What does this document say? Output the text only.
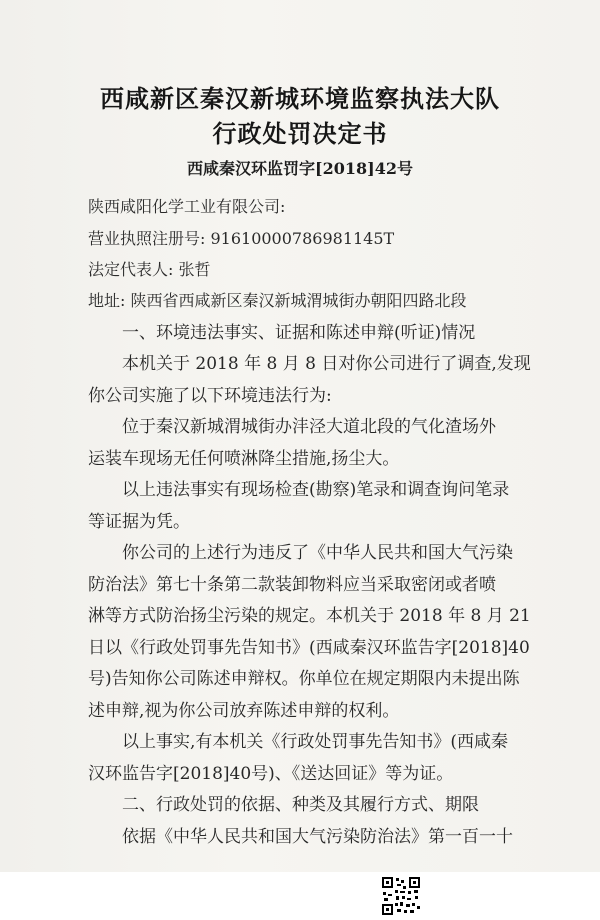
西咸新区秦汉新城环境监察执法大队
行政处罚决定书
西咸秦汉环监罚字[2018]42号
陕西咸阳化学工业有限公司:
营业执照注册号: 91610000786981145T
法定代表人: 张哲
地址: 陕西省西咸新区秦汉新城渭城街办朝阳四路北段
一、环境违法事实、证据和陈述申辩(听证)情况
本机关于 2018 年 8 月 8 日对你公司进行了调查,发现
你公司实施了以下环境违法行为:
位于秦汉新城渭城街办沣泾大道北段的气化渣场外
运装车现场无任何喷淋降尘措施,扬尘大。
以上违法事实有现场检查(勘察)笔录和调查询问笔录
等证据为凭。
你公司的上述行为违反了《中华人民共和国大气污染
防治法》第七十条第二款装卸物料应当采取密闭或者喷
淋等方式防治扬尘污染的规定。本机关于 2018 年 8 月 21
日以《行政处罚事先告知书》(西咸秦汉环监告字[2018]40
号)告知你公司陈述申辩权。你单位在规定期限内未提出陈
述申辩,视为你公司放弃陈述申辩的权利。
以上事实,有本机关《行政处罚事先告知书》(西咸秦
汉环监告字[2018]40号)、《送达回证》等为证。
二、行政处罚的依据、种类及其履行方式、期限
依据《中华人民共和国大气污染防治法》第一百一十
